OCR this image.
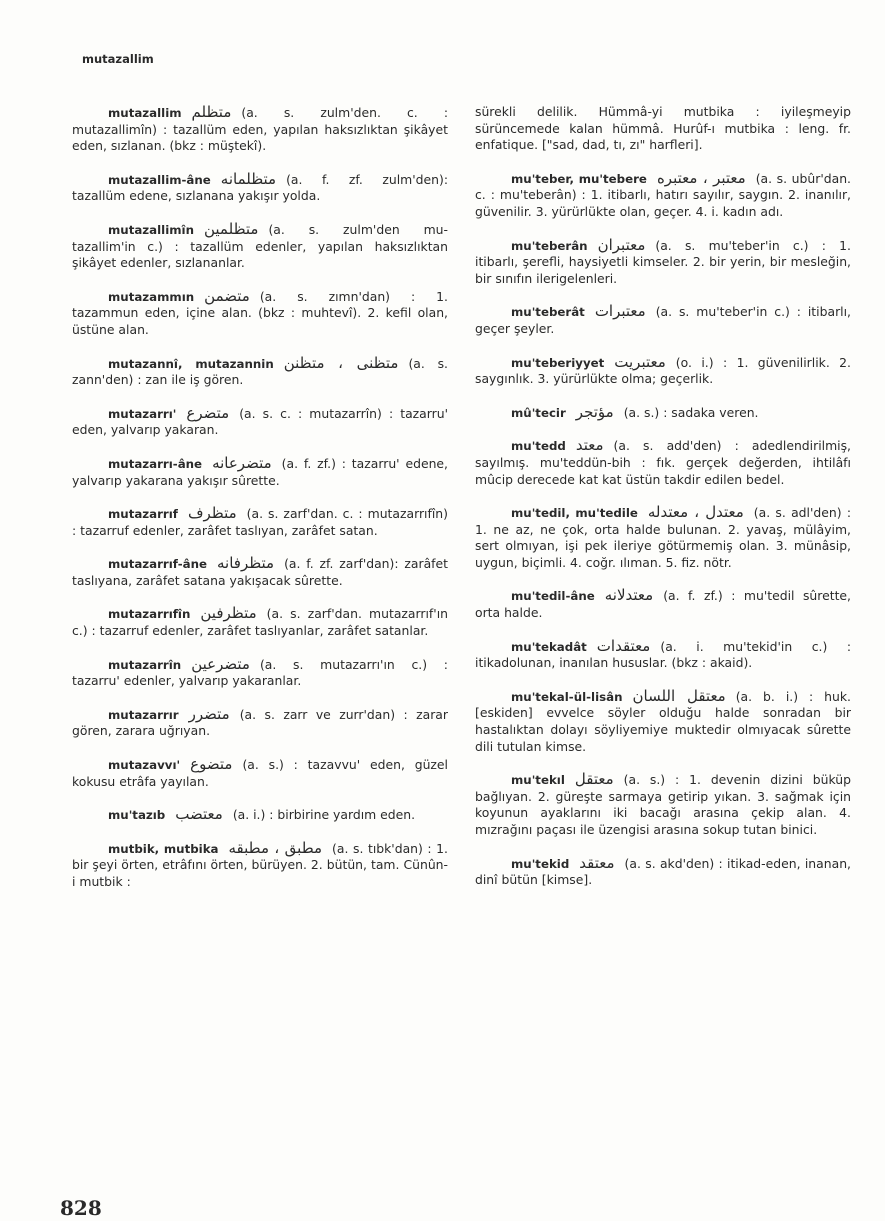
mutazallim
mutazallim متظلم (a. s. zulm'den. c. : mutazallimîn) : tazallüm eden, yapılan haksızlıktan şikâyet eden, sızlanan. (bkz : müştekî).
mutazallim-âne متظلمانه (a. f. zf. zulm'den): tazallüm edene, sızlanana yakışır yolda.
mutazallimîn متظلمين (a. s. zulm'den mu-tazallim'in c.) : tazallüm edenler, yapılan haksızlıktan şikâyet edenler, sızlananlar.
mutazammın متضمن (a. s. zımn'dan) : 1. tazammun eden, içine alan. (bkz : muhtevî). 2. kefil olan, üstüne alan.
mutazannî, mutazannin متظنى ، متظنن (a. s. zann'den) : zan ile iş gören.
mutazarrı' متضرع (a. s. c. : mutazarrîn) : tazarru' eden, yalvarıp yakaran.
mutazarrı-âne متضرعانه (a. f. zf.) : tazarru' edene, yalvarıp yakarana yakışır sûrette.
mutazarrıf متظرف (a. s. zarf'dan. c. : mutazarrıfîn) : tazarruf edenler, zarâfet taslıyan, zarâfet satan.
mutazarrıf-âne متظرفانه (a. f. zf. zarf'dan): zarâfet taslıyana, zarâfet satana yakışacak sûrette.
mutazarrıfîn متظرفين (a. s. zarf'dan. mutazarrıf'ın c.) : tazarruf edenler, zarâfet taslıyanlar, zarâfet satanlar.
mutazarrîn متضرعين (a. s. mutazarrı'ın c.) : tazarru' edenler, yalvarıp yakaranlar.
mutazarrır متضرر (a. s. zarr ve zurr'dan) : zarar gören, zarara uğrıyan.
mutazavvı' متضوع (a. s.) : tazavvu' eden, güzel kokusu etrâfa yayılan.
mu'tazıb معتضب (a. i.) : birbirine yardım eden.
mutbik, mutbika مطبق ، مطبقه (a. s. tıbk'dan) : 1. bir şeyi örten, etrâfını örten, bürüyen. 2. bütün, tam. Cünûn-i mutbik :
sürekli delilik. Hümmâ-yi mutbika : iyileşmeyip sürüncemede kalan hümmâ. Hurûf-ı mutbika : leng. fr. enfatique. ["sad, dad, tı, zı" harfleri].
mu'teber, mu'tebere معتبر ، معتبره (a. s. ubûr'dan. c. : mu'teberân) : 1. itibarlı, hatırı sayılır, saygın. 2. inanılır, güvenilir. 3. yürürlükte olan, geçer. 4. i. kadın adı.
mu'teberân معتبران (a. s. mu'teber'in c.) : 1. itibarlı, şerefli, haysiyetli kimseler. 2. bir yerin, bir mesleğin, bir sınıfın ilerigelenleri.
mu'teberât معتبرات (a. s. mu'teber'in c.) : itibarlı, geçer şeyler.
mu'teberiyyet معتبريت (o. i.) : 1. güvenilirlik. 2. saygınlık. 3. yürürlükte olma; geçerlik.
mû'tecir مؤتجر (a. s.) : sadaka veren.
mu'tedd معتد (a. s. add'den) : adedlendirilmiş, sayılmış. mu'teddün-bih : fık. gerçek değerden, ihtilâfı mûcip derecede kat kat üstün takdir edilen bedel.
mu'tedil, mu'tedile معتدل ، معتدله (a. s. adl'den) : 1. ne az, ne çok, orta halde bulunan. 2. yavaş, mülâyim, sert olmıyan, işi pek ileriye götürmemiş olan. 3. münâsip, uygun, biçimli. 4. coğr. ılıman. 5. fiz. nötr.
mu'tedil-âne معتدلانه (a. f. zf.) : mu'tedil sûrette, orta halde.
mu'tekadât معتقدات (a. i. mu'tekid'in c.) : itikadolunan, inanılan hususlar. (bkz : akaid).
mu'tekal-ül-lisân معتقل اللسان (a. b. i.) : huk. [eskiden] evvelce söyler olduğu halde sonradan bir hastalıktan dolayı söyliyemiye muktedir olmıyacak sûrette dili tutulan kimse.
mu'tekıl معتقل (a. s.) : 1. devenin dizini büküp bağlıyan. 2. güreşte sarmaya getirip yıkan. 3. sağmak için koyunun ayaklarını iki bacağı arasına çekip alan. 4. mızrağını paçası ile üzengisi arasına sokup tutan binici.
mu'tekid معتقد (a. s. akd'den) : itikad-eden, inanan, dinî bütün [kimse].
828
